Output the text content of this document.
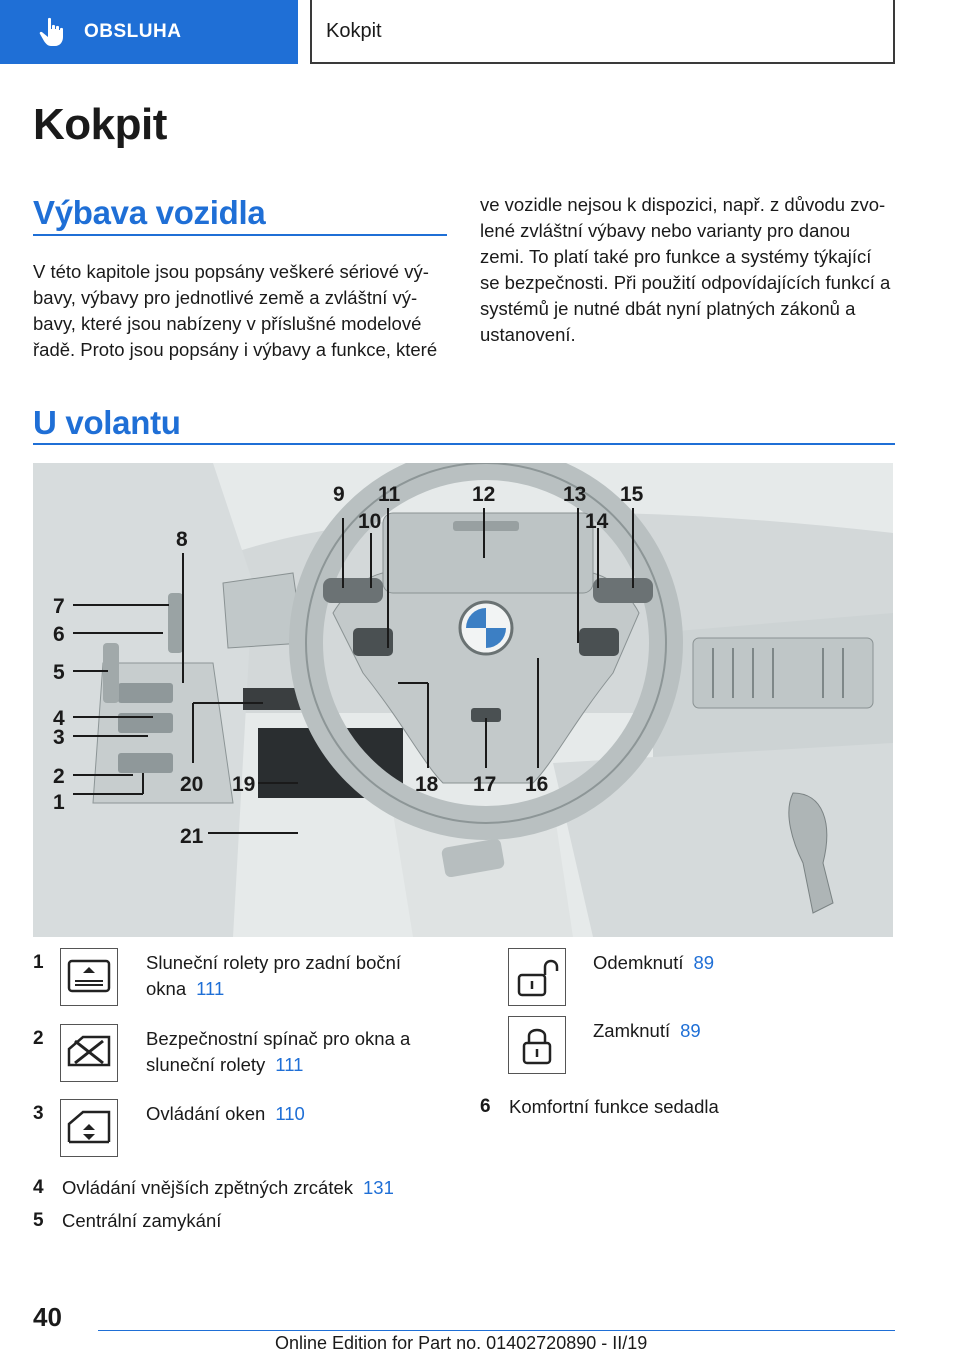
OBSLUHA	Kokpit
Kokpit
Výbava vozidla
V této kapitole jsou popsány veškeré sériové vý‐
bavy, výbavy pro jednotlivé země a zvláštní vý‐
bavy, které jsou nabízeny v příslušné modelové
řadě. Proto jsou popsány i výbavy a funkce, které
ve vozidle nejsou k dispozici, např. z důvodu zvo‐
lené zvláštní výbavy nebo varianty pro danou
zemi. To platí také pro funkce a systémy týkající
se bezpečnosti. Při použití odpovídajících funkcí a
systémů je nutné dbát nyní platných zákonů a
ustanovení.
U volantu
1
2
3
4
5
6
7
8
9
10
11	12	13
14
15
16
17
18
19
20
21
1	Sluneční rolety pro zadní boční
okna 111
2	Bezpečnostní spínač pro okna a
sluneční rolety 111
3	Ovládání oken 110
4 Ovládání vnějších zpětných zrcátek 131
5 Centrální zamykání
Odemknutí 89
Zamknutí 89
6 Komfortní funkce sedadla
40
Online Edition for Part no. 01402720890 - II/19
